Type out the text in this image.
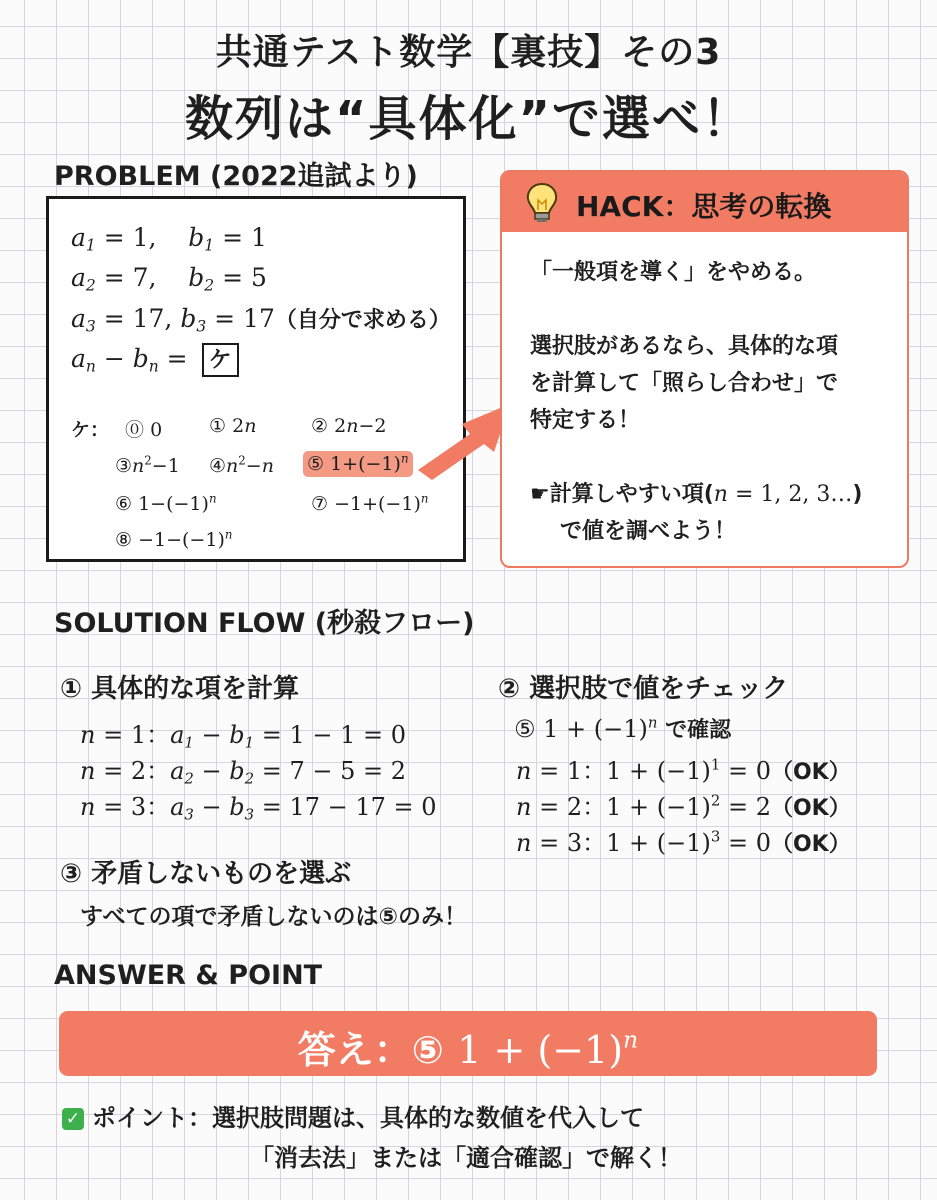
共通テスト数学【裏技】その3
数列は“具体化”で選べ！
PROBLEM (2022追試より)
$a_1 = 1$,    $b_1 = 1$
$a_2 = 7$,    $b_2 = 5$
$a_3 = 17$, $b_3 = 17$（自分で求める）
$a_n - b_n$ = ケ
ケ： ⓪ 0 ① 2n	② 2n−2
$③n^2-1$ $④n^2-n$ ⑤ $1+(-1)^n$
⑥ $1-(-1)^n$	⑦ $-1+(-1)^n$
⑧ $-1-(-1)^n$
HACK：思考の転換
「一般項を導く」をやめる。
選択肢があるなら、具体的な項
を計算して「照らし合わせ」で
特定する！
☛計算しやすい項(n = 1, 2, 3…)
で値を調べよう！
SOLUTION FLOW (秒殺フロー)
① 具体的な項を計算
n = 1：$a_1 - b_1 = 1 - 1 = 0$
n = 2：$a_2 - b_2 = 7 - 5 = 2$
n = 3：$a_3 - b_3 = 17 - 17 = 0$
② 選択肢で値をチェック
⑤ $1 + (-1)^n$ で確認
n = 1：$1 + (-1)^1 = 0(OK)$
n = 2：$1 + (-1)^2 = 2(OK)$
n = 3：$1 + (-1)^3 = 0(OK)$
③ 矛盾しないものを選ぶ
すべての項で矛盾しないのは⑤のみ！
ANSWER & POINT
答え：⑤ $1 + (-1)^n$
✓ ポイント：選択肢問題は、具体的な数値を代入して
「消去法」または「適合確認」で解く！
